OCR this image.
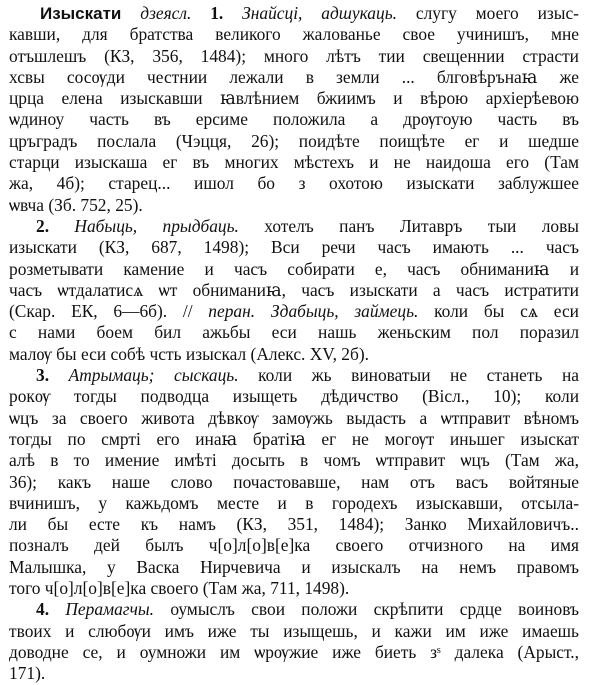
Изыскати дзеясл. 1. Знайсці, адшукаць. слугу моего изыс-
кавши, для братства великого жалованье свое учинишъ, мне
отъшлешъ (КЗ, 356, 1484); много лѣтъ тии свещеннии страсти
хсвы сосѹди честнии лежали в земли ... блговѣрънаꙗ же
црца елена изыскавши ꙗвлѣнием бжиимъ и вѣрою архіерѣевою
ѡдиноу часть въ ерсиме положила а дрѹгоую часть въ
цръградъ послала (Чэцця, 26); поидѣте поищѣте ег и шедше
старци изыскаша ег въ многих мѣстехъ и не наидоша его (Там
жа, 4б); старец... ишол бо з охотою изыскати заблужшее
ѡвча (Зб. 752, 25).
2. Набыць, прыдбаць. хотелъ панъ Литавръ тыи ловы
изыскати (КЗ, 687, 1498); Вси речи часъ имають ... часъ
розметывати камение и часъ собирати е, часъ обниманиꙗ и
часъ ѡтдалатисѧ ѡт обниманиꙗ, часъ изыскати а часъ истратити
(Скар. ЕК, 6—6б). // перан. Здабыць, займець. коли бы сѧ еси
с нами боем бил ажьбы еси нашь женьским пол поразил
малѹ бы еси собѣ чсть изыскал (Алекс. XV, 2б).
3. Атрымаць; сыскаць. коли жь виноватыи не станеть на
рокѹ тогды подводца изыщеть дѣдичство (Вісл., 10); коли
ѡцъ за своего живота дѣвкѹ замѹжь выдасть а ѡтправит вѣномъ
тогды по смрті его инаꙗ братіꙗ ег не могѹт иньшег изыскат
алѣ в то имение имѣті досыть в чомъ ѡтправит ѡцъ (Там жа,
36); какъ наше слово почастовавше, нам отъ васъ войтяные
вчинишъ, у кажьдомъ месте и в городехъ изыскавши, отсыла-
ли бы есте къ намъ (КЗ, 351, 1484); Занко Михайловичъ..
позналъ дей былъ ч[о]л[о]в[е]ка своего отчизного на имя
Малышка, у Васка Нирчевича и изыскалъ на немъ правомъ
того ч[о]л[о]в[е]ка своего (Там жа, 711, 1498).
4. Перамагчы. оумыслъ свои положи скрѣпити срдце воиновъ
твоих и слюбѹи имъ иже ты изыщешь, и кажи им иже имаешь
доводне се, и оумножи им ѡрѹжие иже биеть зˢ далека (Арыст.,
171).
